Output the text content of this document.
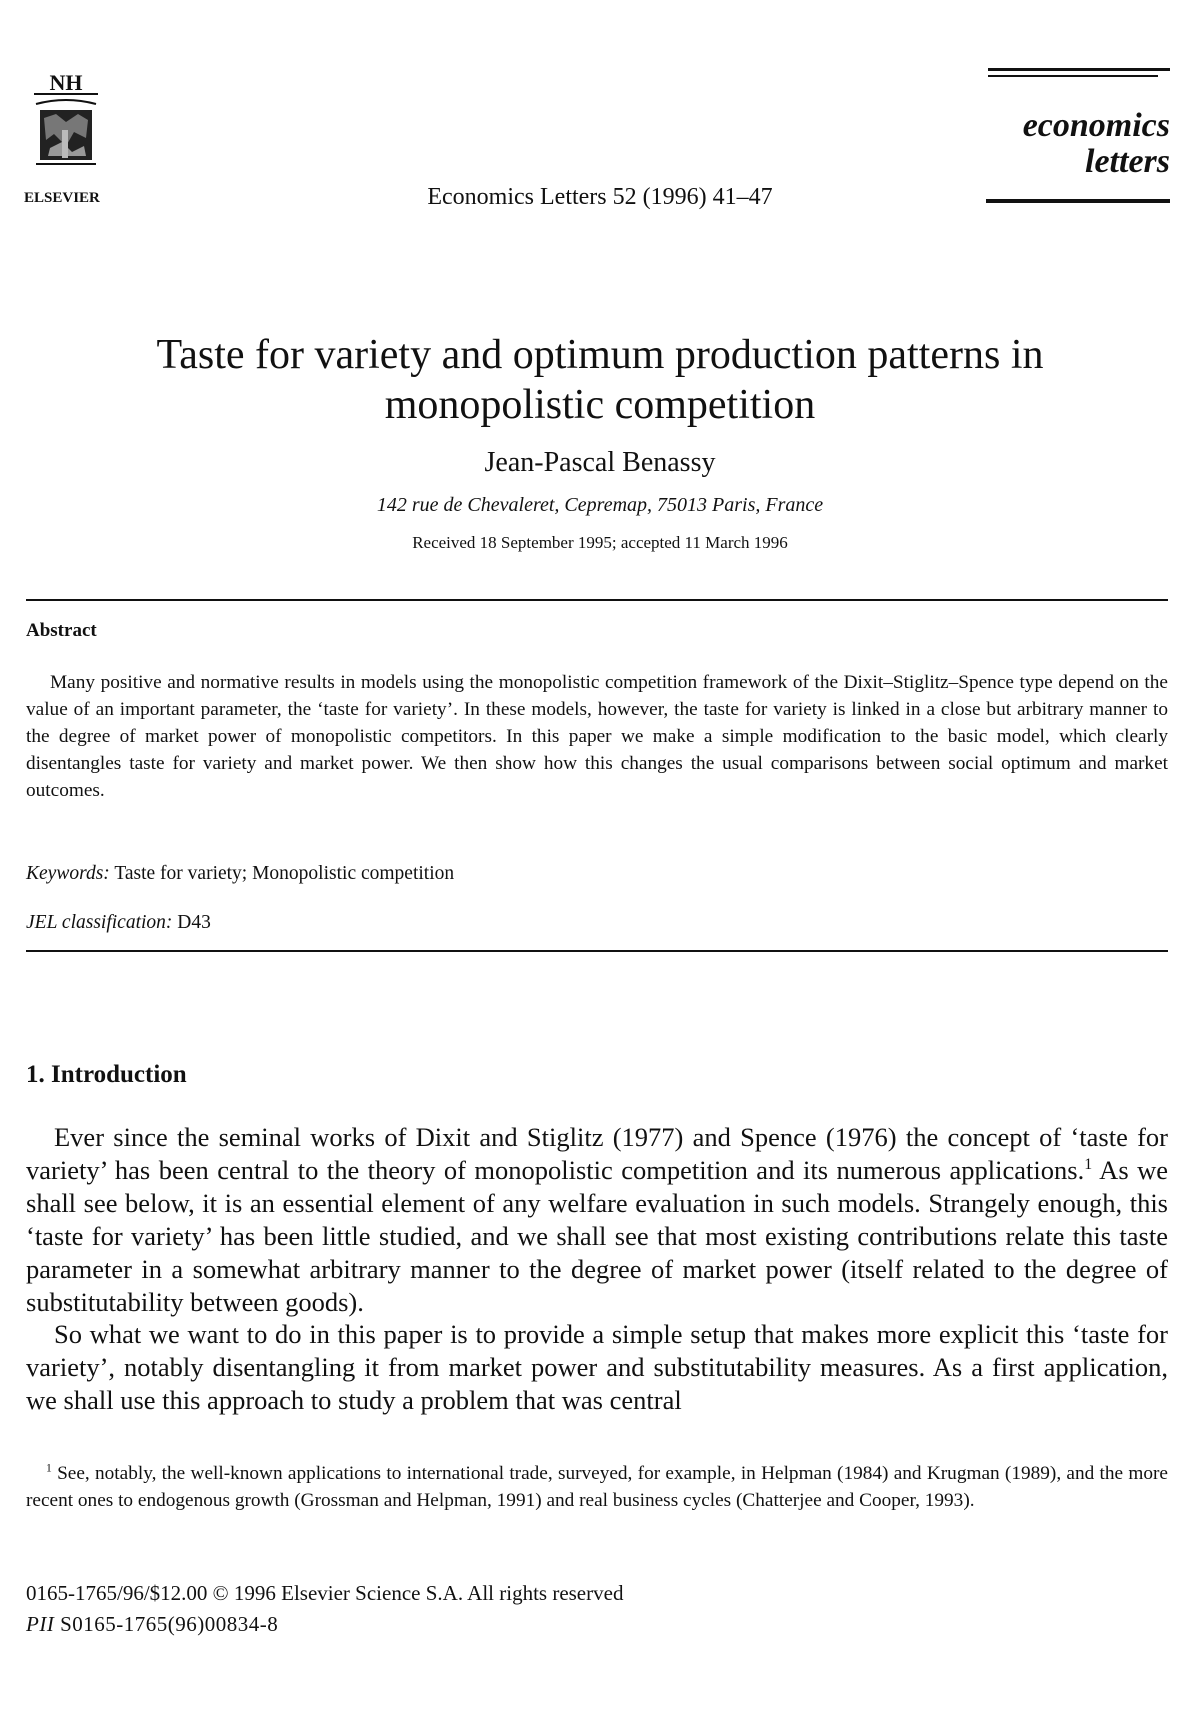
NH
ELSEVIER	Economics Letters 52 (1996) 41–47
economics
letters
Taste for variety and optimum production patterns in monopolistic competition
Jean-Pascal Benassy
142 rue de Chevaleret, Cepremap, 75013 Paris, France
Received 18 September 1995; accepted 11 March 1996
Abstract
Many positive and normative results in models using the monopolistic competition framework of the Dixit–Stiglitz–Spence type depend on the value of an important parameter, the ‘taste for variety’. In these models, however, the taste for variety is linked in a close but arbitrary manner to the degree of market power of monopolistic competitors. In this paper we make a simple modification to the basic model, which clearly disentangles taste for variety and market power. We then show how this changes the usual comparisons between social optimum and market outcomes.
Keywords: Taste for variety; Monopolistic competition
JEL classification: D43
1. Introduction
Ever since the seminal works of Dixit and Stiglitz (1977) and Spence (1976) the concept of ‘taste for variety’ has been central to the theory of monopolistic competition and its numerous applications.$^1$ As we shall see below, it is an essential element of any welfare evaluation in such models. Strangely enough, this ‘taste for variety’ has been little studied, and we shall see that most existing contributions relate this taste parameter in a somewhat arbitrary manner to the degree of market power (itself related to the degree of substitutability between goods).
So what we want to do in this paper is to provide a simple setup that makes more explicit this ‘taste for variety’, notably disentangling it from market power and substitutability measures. As a first application, we shall use this approach to study a problem that was central
$^1$ See, notably, the well-known applications to international trade, surveyed, for example, in Helpman (1984) and Krugman (1989), and the more recent ones to endogenous growth (Grossman and Helpman, 1991) and real business cycles (Chatterjee and Cooper, 1993).
0165-1765/96/$12.00 © 1996 Elsevier Science S.A. All rights reserved
PII S0165-1765(96)00834-8
